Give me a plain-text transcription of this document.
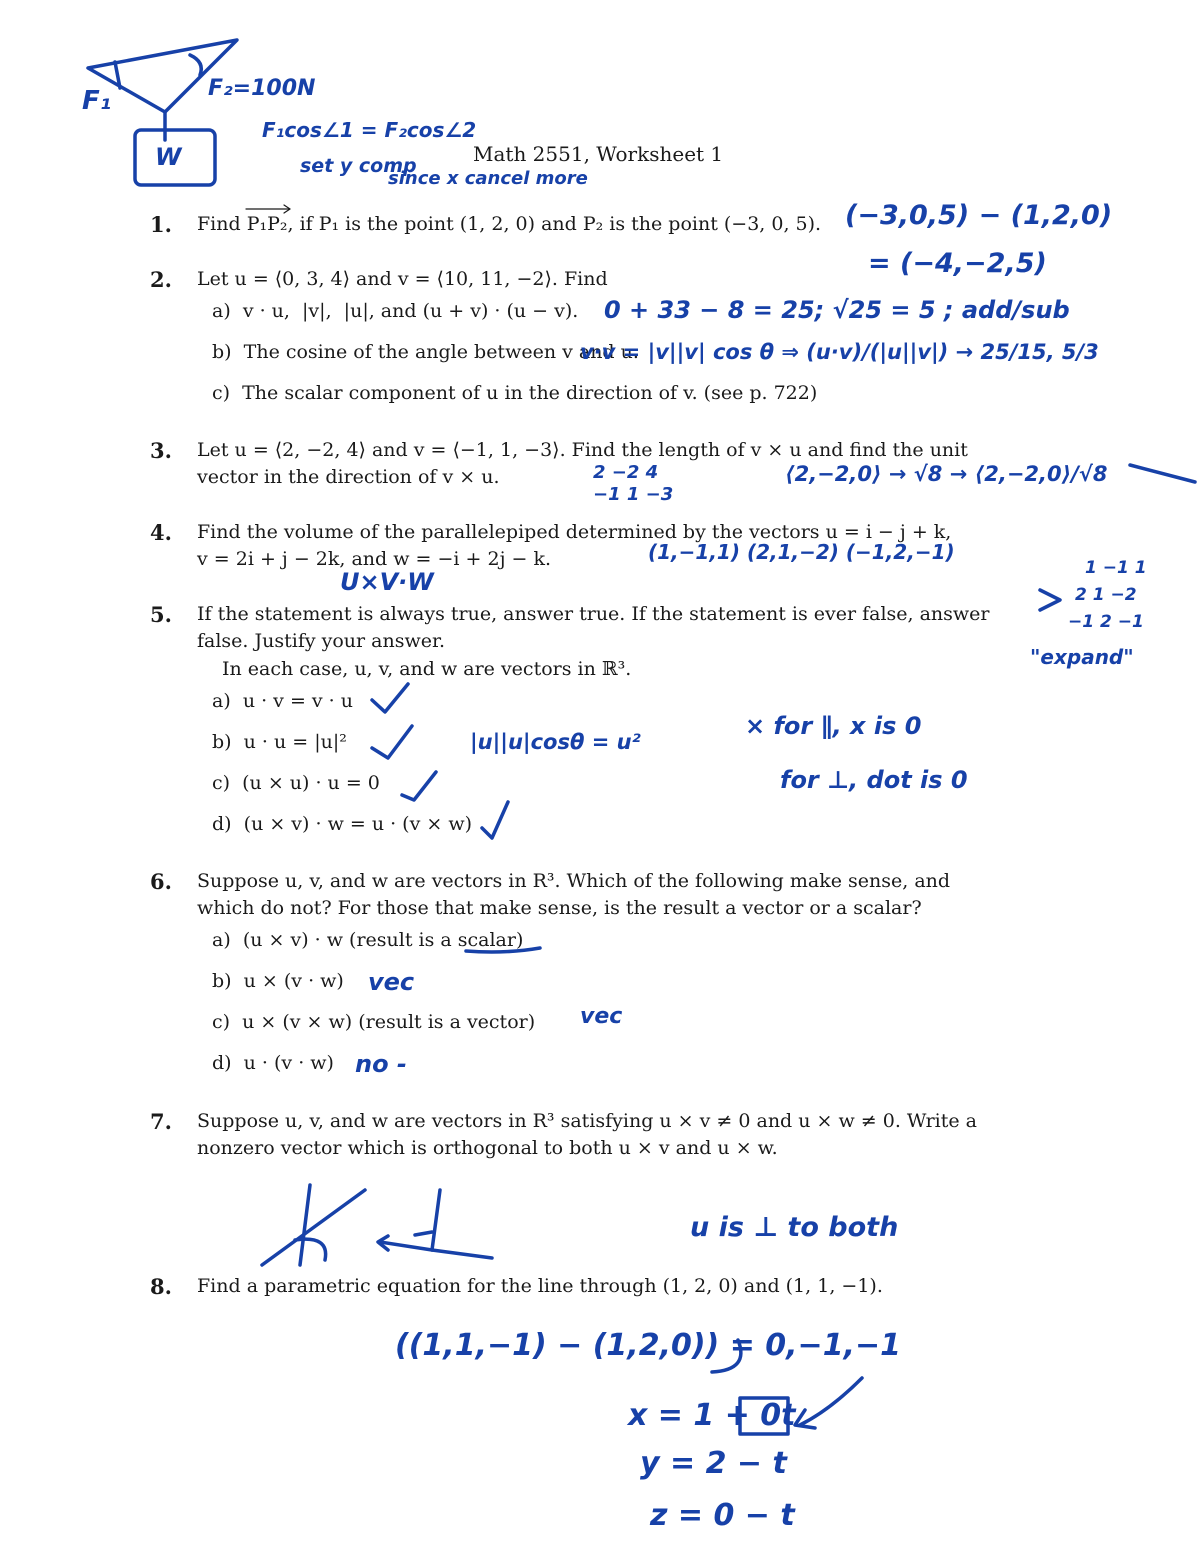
Math 2551, Worksheet 1
1. Find P₁P₂, if P₁ is the point (1, 2, 0) and P₂ is the point (−3, 0, 5).
2. Let u = ⟨0, 3, 4⟩ and v = ⟨10, 11, −2⟩. Find
a)  v · u,  |v|,  |u|, and (u + v) · (u − v).
b)  The cosine of the angle between v and u.
c)  The scalar component of u in the direction of v. (see p. 722)
3. Let u = ⟨2, −2, 4⟩ and v = ⟨−1, 1, −3⟩. Find the length of v × u and find the unit
vector in the direction of v × u.
4. Find the volume of the parallelepiped determined by the vectors u = i − j + k,
v = 2i + j − 2k, and w = −i + 2j − k.
5. If the statement is always true, answer true. If the statement is ever false, answer
false. Justify your answer.
In each case, u, v, and w are vectors in ℝ³.
a)  u · v = v · u
b)  u · u = |u|²
c)  (u × u) · u = 0
d)  (u × v) · w = u · (v × w)
6. Suppose u, v, and w are vectors in R³. Which of the following make sense, and
which do not? For those that make sense, is the result a vector or a scalar?
a)  (u × v) · w (result is a scalar)
b)  u × (v · w)
c)  u × (v × w) (result is a vector)
d)  u · (v · w)
7. Suppose u, v, and w are vectors in R³ satisfying u × v ≠ 0 and u × w ≠ 0. Write a
nonzero vector which is orthogonal to both u × v and u × w.
8. Find a parametric equation for the line through (1, 2, 0) and (1, 1, −1).
F₁	F₂=100N
W
F₁cos∠1 = F₂cos∠2
set y comp
since x cancel more
(−3,0,5) − (1,2,0)
= (−4,−2,5)
0 + 33 − 8 = 25; √25 = 5 ; add/sub
v·v = |v||v| cos θ ⇒ (u·v)/(|u||v|) → 25/15, 5/3
2 −2 4
−1 1 −3
⟨2,−2,0⟩ → √8 → ⟨2,−2,0⟩/√8
(1,−1,1) (2,1,−2) (−1,2,−1)
U×V·W	1 −1 1
2 1 −2
−1 2 −1
"expand"
|u||u|cosθ = u²
× for ∥, x is 0
for ⊥, dot is 0
vec
vec
no -
u is ⊥ to both
((1,1,−1) − (1,2,0)) = 0,−1,−1
x = 1 + 0t
y = 2 − t
z = 0 − t
